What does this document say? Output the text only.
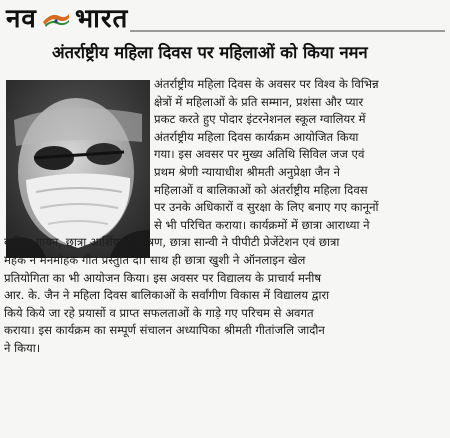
नव भारत
अंतर्राष्ट्रीय महिला दिवस पर महिलाओं को किया नमन
अंतर्राष्ट्रीय महिला दिवस के अवसर पर विश्व के विभिन्न
क्षेत्रों में महिलाओं के प्रति सम्मान, प्रशंसा और प्यार
प्रकट करते हुए पोदार इंटरनेशनल स्कूल ग्वालियर में
अंतर्राष्ट्रीय महिला दिवस कार्यक्रम आयोजित किया
गया। इस अवसर पर मुख्य अतिथि सिविल जज एवं
प्रथम श्रेणी न्यायाधीश श्रीमती अनुप्रेक्षा जैन ने
महिलाओं व बालिकाओं को अंतर्राष्ट्रीय महिला दिवस
पर उनके अधिकारों व सुरक्षा के लिए बनाए गए कानूनों
से भी परिचित कराया। कार्यक्रमों में छात्रा आराध्या ने
कविता गायन, छात्रा आर्शिया ने भाषण, छात्रा सान्वी ने पीपीटी प्रेजेंटेशन एवं छात्रा
महक ने मनमोहक गीत प्रस्तुति दी। साथ ही छात्रा खुशी ने ऑनलाइन खेल
प्रतियोगिता का भी आयोजन किया। इस अवसर पर विद्यालय के प्राचार्य मनीष
आर. के. जैन ने महिला दिवस बालिकाओं के सर्वांगीण विकास में विद्यालय द्वारा
किये किये जा रहे प्रयासों व प्राप्त सफलताओं के गाड़े गए परिचम से अवगत
कराया। इस कार्यक्रम का सम्पूर्ण संचालन अध्यापिका श्रीमती गीतांजलि जादौन
ने किया।
